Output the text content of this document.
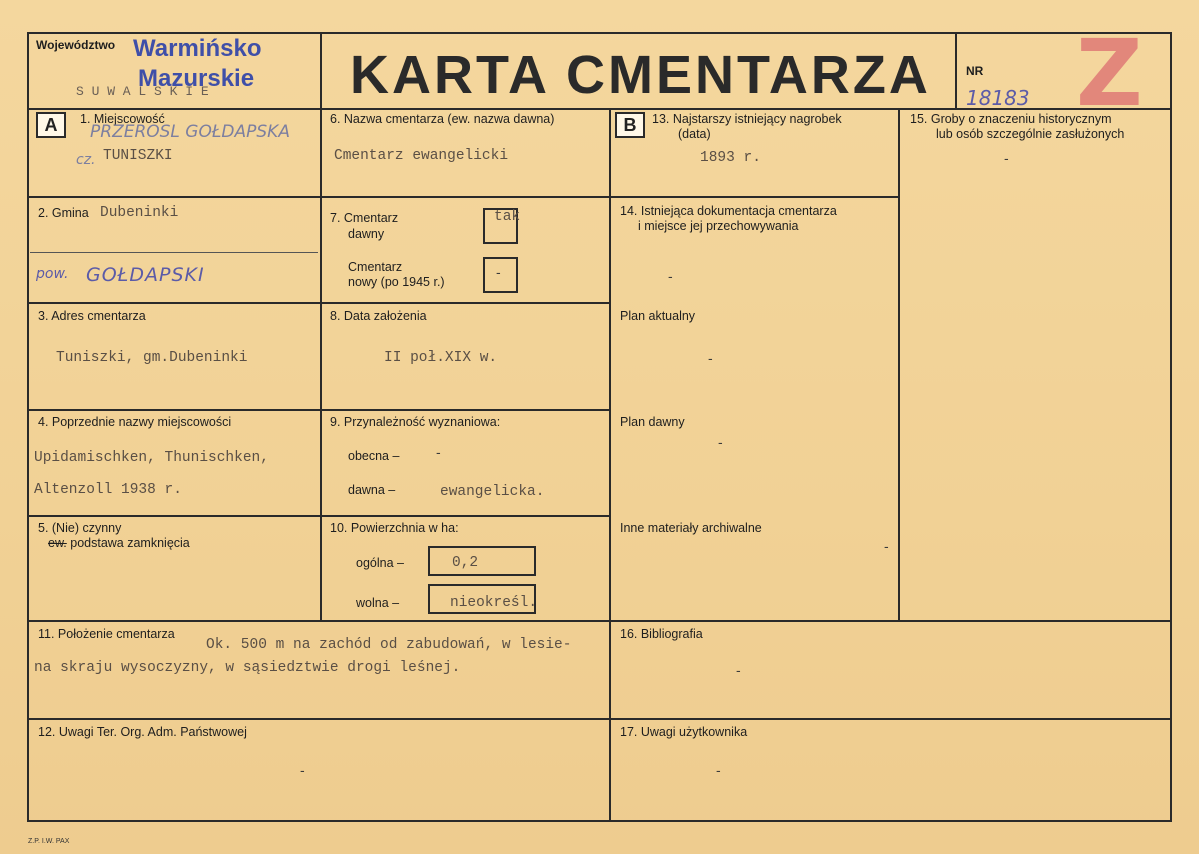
Województwo Warmińsko
Mazurskie
S U W A L S K I E	KARTA CMENTARZA	NR
18183 Z
A	B
1. Miejscowość
PRZEROSL GOŁDAPSKA
cz. TUNISZKI
2. Gmina Dubeninki
pow. GOŁDAPSKI
3. Adres cmentarza
Tuniszki, gm.Dubeninki
4. Poprzednie nazwy miejscowości
Upidamischken, Thunischken,
Altenzoll 1938 r.
5. (Nie) czynny
ew. podstawa zamknięcia
6. Nazwa cmentarza (ew. nazwa dawna)
Cmentarz ewangelicki
7. Cmentarz
dawny
tak
Cmentarz
nowy (po 1945 r.)
-
8. Data założenia
II poł.XIX w.
9. Przynależność wyznaniowa:
obecna –	-
dawna –	ewangelicka.
10. Powierzchnia w ha:
ogólna –	0,2
wolna –	nieokreśl.
11. Położenie cmentarza
Ok. 500 m na zachód od zabudowań, w lesie-
na skraju wysoczyzny, w sąsiedztwie drogi leśnej.
12. Uwagi Ter. Org. Adm. Państwowej
-
13. Najstarszy istniejący nagrobek
(data)
1893 r.
14. Istniejąca dokumentacja cmentarza
i miejsce jej przechowywania
-
Plan aktualny
-
Plan dawny
-
Inne materiały archiwalne
-
15. Groby o znaczeniu historycznym
lub osób szczególnie zasłużonych
-
16. Bibliografia
-
17. Uwagi użytkownika
-
Z.P. I.W. PAX
